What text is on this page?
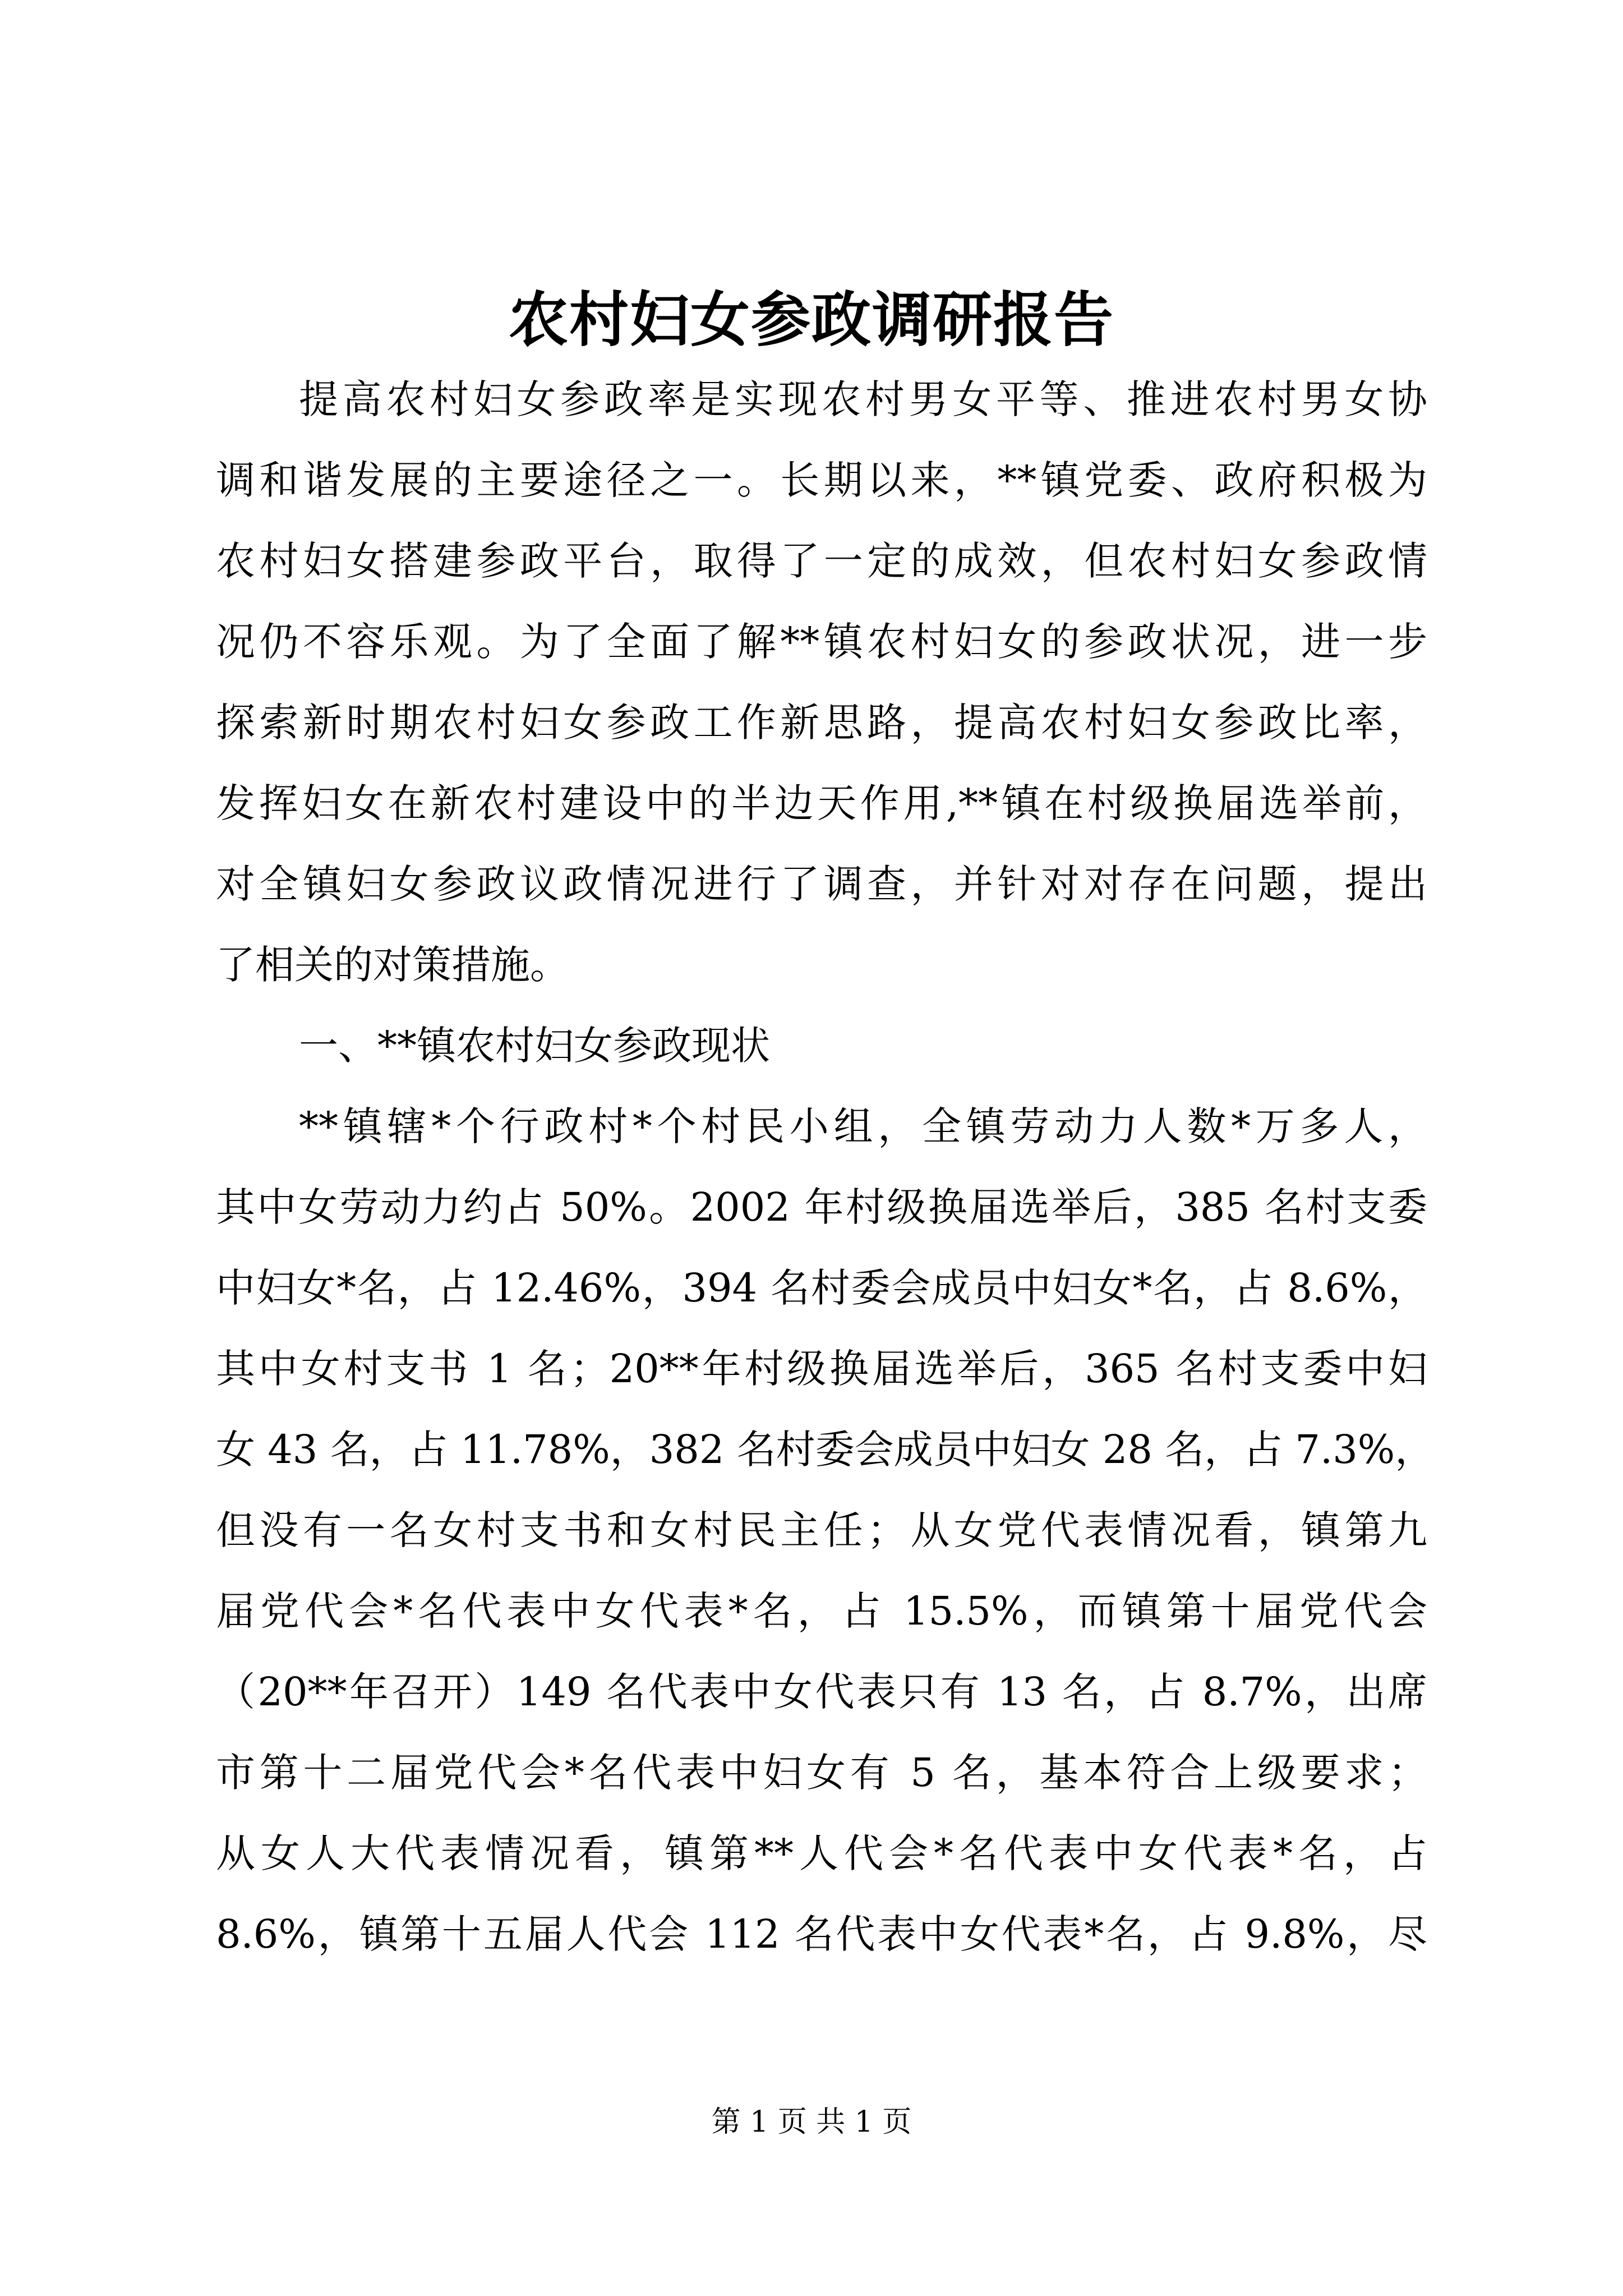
农村妇女参政调研报告
提高农村妇女参政率是实现农村男女平等、推进农村男女协
调和谐发展的主要途径之一。长期以来，**镇党委、政府积极为
农村妇女搭建参政平台，取得了一定的成效，但农村妇女参政情
况仍不容乐观。为了全面了解**镇农村妇女的参政状况，进一步
探索新时期农村妇女参政工作新思路，提高农村妇女参政比率，
发挥妇女在新农村建设中的半边天作用,**镇在村级换届选举前，
对全镇妇女参政议政情况进行了调查，并针对对存在问题，提出
了相关的对策措施。
一、**镇农村妇女参政现状
**镇辖*个行政村*个村民小组，全镇劳动力人数*万多人，
其中女劳动力约占 50%。2002 年村级换届选举后，385 名村支委
中妇女*名，占 12.46%，394 名村委会成员中妇女*名，占 8.6%，
其中女村支书 1 名；20**年村级换届选举后，365 名村支委中妇
女 43 名，占 11.78%，382 名村委会成员中妇女 28 名，占 7.3%，
但没有一名女村支书和女村民主任；从女党代表情况看，镇第九
届党代会*名代表中女代表*名，占 15.5%，而镇第十届党代会
（20**年召开）149 名代表中女代表只有 13 名，占 8.7%，出席
市第十二届党代会*名代表中妇女有 5 名，基本符合上级要求；
从女人大代表情况看，镇第**人代会*名代表中女代表*名，占
8.6%，镇第十五届人代会 112 名代表中女代表*名，占 9.8%，尽
第 1 页 共 1 页
